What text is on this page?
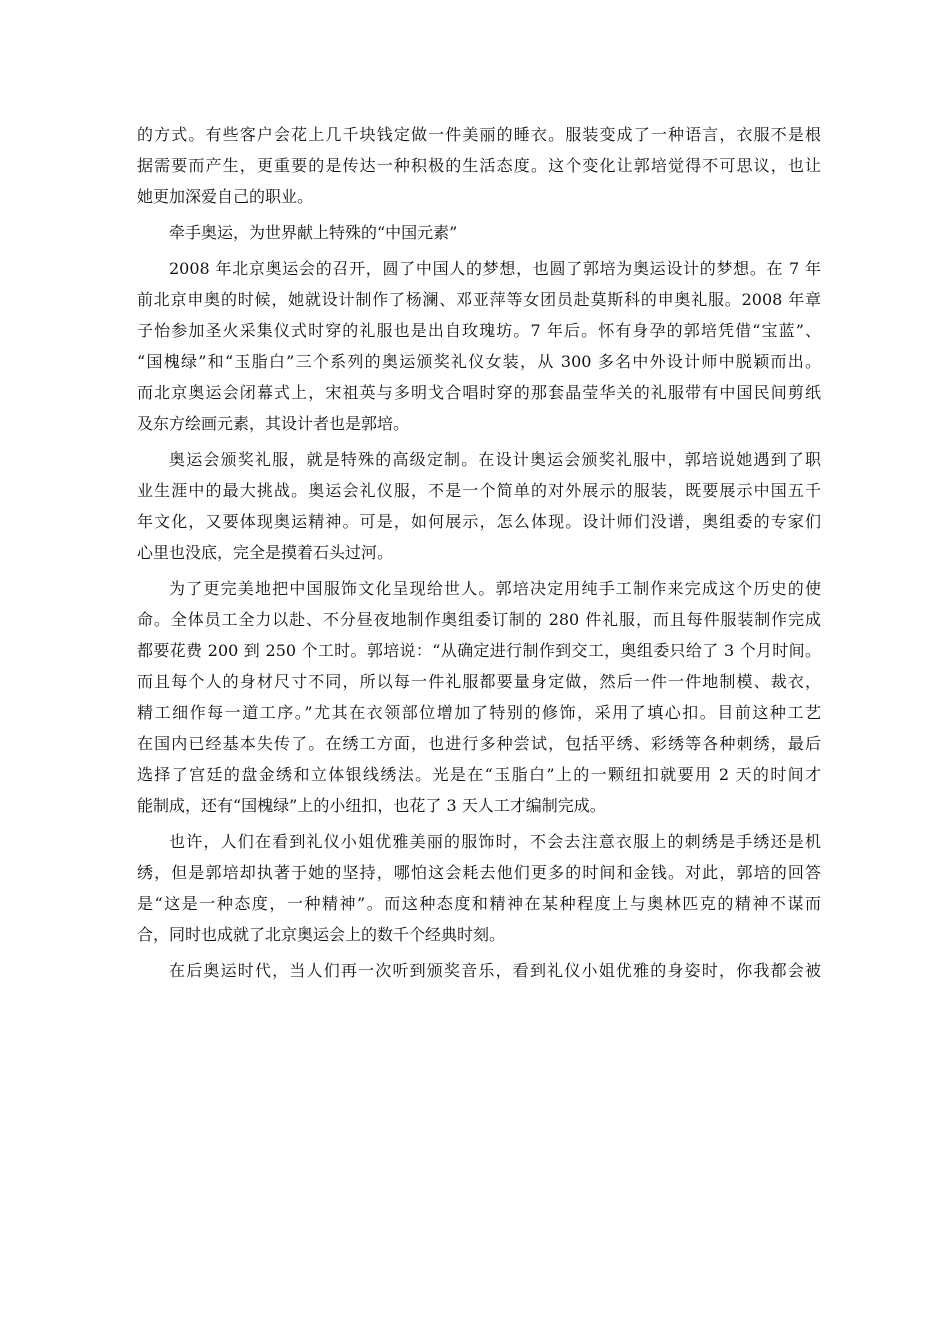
的方式。有些客户会花上几千块钱定做一件美丽的睡衣。服装变成了一种语言，衣服不是根
据需要而产生，更重要的是传达一种积极的生活态度。这个变化让郭培觉得不可思议，也让
她更加深爱自己的职业。
牵手奥运，为世界献上特殊的“中国元素”
2008 年北京奥运会的召开，圆了中国人的梦想，也圆了郭培为奥运设计的梦想。在 7 年
前北京申奥的时候，她就设计制作了杨澜、邓亚萍等女团员赴莫斯科的申奥礼服。2008 年章
子怡参加圣火采集仪式时穿的礼服也是出自玫瑰坊。7 年后。怀有身孕的郭培凭借“宝蓝”、
“国槐绿”和“玉脂白”三个系列的奥运颁奖礼仪女装，从 300 多名中外设计师中脱颖而出。
而北京奥运会闭幕式上，宋祖英与多明戈合唱时穿的那套晶莹华关的礼服带有中国民间剪纸
及东方绘画元素，其设计者也是郭培。
奥运会颁奖礼服，就是特殊的高级定制。在设计奥运会颁奖礼服中，郭培说她遇到了职
业生涯中的最大挑战。奥运会礼仪服，不是一个简单的对外展示的服装，既要展示中国五千
年文化，又要体现奥运精神。可是，如何展示，怎么体现。设计师们没谱，奥组委的专家们
心里也没底，完全是摸着石头过河。
为了更完美地把中国服饰文化呈现给世人。郭培决定用纯手工制作来完成这个历史的使
命。全体员工全力以赴、不分昼夜地制作奥组委订制的 280 件礼服，而且每件服装制作完成
都要花费 200 到 250 个工时。郭培说：“从确定进行制作到交工，奥组委只给了 3 个月时间。
而且每个人的身材尺寸不同，所以每一件礼服都要量身定做，然后一件一件地制模、裁衣，
精工细作每一道工序。”尤其在衣领部位增加了特别的修饰，采用了填心扣。目前这种工艺
在国内已经基本失传了。在绣工方面，也进行多种尝试，包括平绣、彩绣等各种刺绣，最后
选择了宫廷的盘金绣和立体银线绣法。光是在“玉脂白”上的一颗纽扣就要用 2 天的时间才
能制成，还有“国槐绿”上的小纽扣，也花了 3 天人工才编制完成。
也许，人们在看到礼仪小姐优雅美丽的服饰时，不会去注意衣服上的刺绣是手绣还是机
绣，但是郭培却执著于她的坚持，哪怕这会耗去他们更多的时间和金钱。对此，郭培的回答
是“这是一种态度，一种精神”。而这种态度和精神在某种程度上与奥林匹克的精神不谋而
合，同时也成就了北京奥运会上的数千个经典时刻。
在后奥运时代，当人们再一次听到颁奖音乐，看到礼仪小姐优雅的身姿时，你我都会被
